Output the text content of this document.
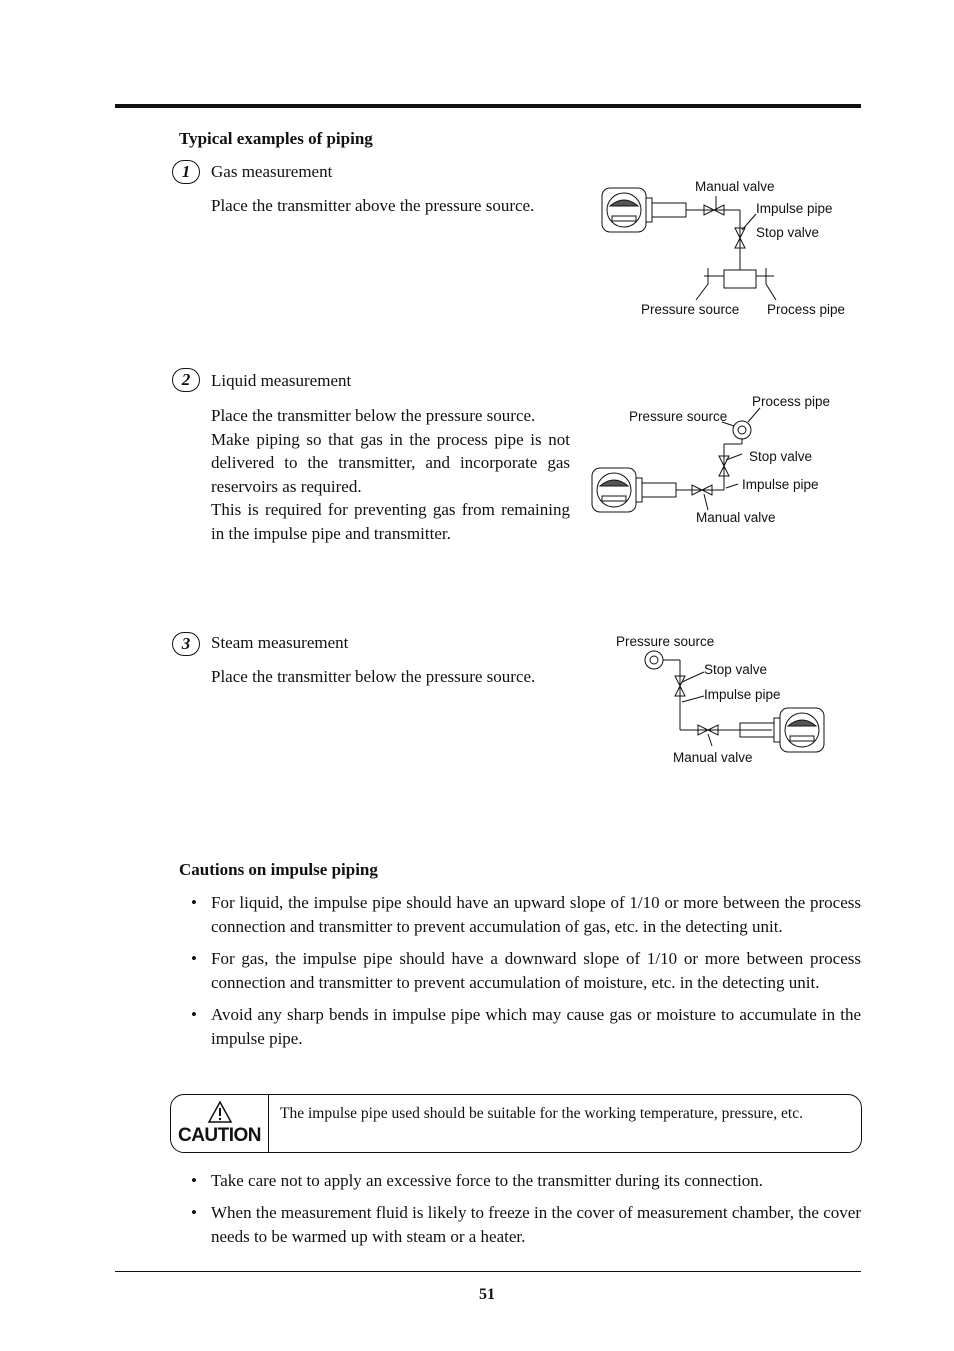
Typical examples of piping
1	Gas measurement
Place the transmitter above the pressure source.
Manual valve
Impulse pipe
Stop valve
Pressure source Process pipe
2	Liquid measurement
Place the transmitter below the pressure source.
Make piping so that gas in the process pipe is not delivered to the transmitter, and incorporate gas reservoirs as required.
This is required for preventing gas from remaining in the impulse pipe and transmitter.
Process pipe
Pressure source
Stop valve
Impulse pipe
Manual valve
3	Steam measurement
Place the transmitter below the pressure source.
Pressure source
Stop valve
Impulse pipe
Manual valve
Cautions on impulse piping
• For liquid, the impulse pipe should have an upward slope of 1/10 or more between the process connection and transmitter to prevent accumulation of gas, etc. in the detecting unit.
• For gas, the impulse pipe should have a downward slope of 1/10 or more between process connection and transmitter to prevent accumulation of moisture, etc. in the detecting unit.
• Avoid any sharp bends in impulse pipe which may cause gas or moisture to accumulate in the impulse pipe.
CAUTION
The impulse pipe used should be suitable for the working temperature, pressure, etc.
• Take care not to apply an excessive force to the transmitter during its connection.
• When the measurement fluid is likely to freeze in the cover of measurement chamber, the cover needs to be warmed up with steam or a heater.
51
